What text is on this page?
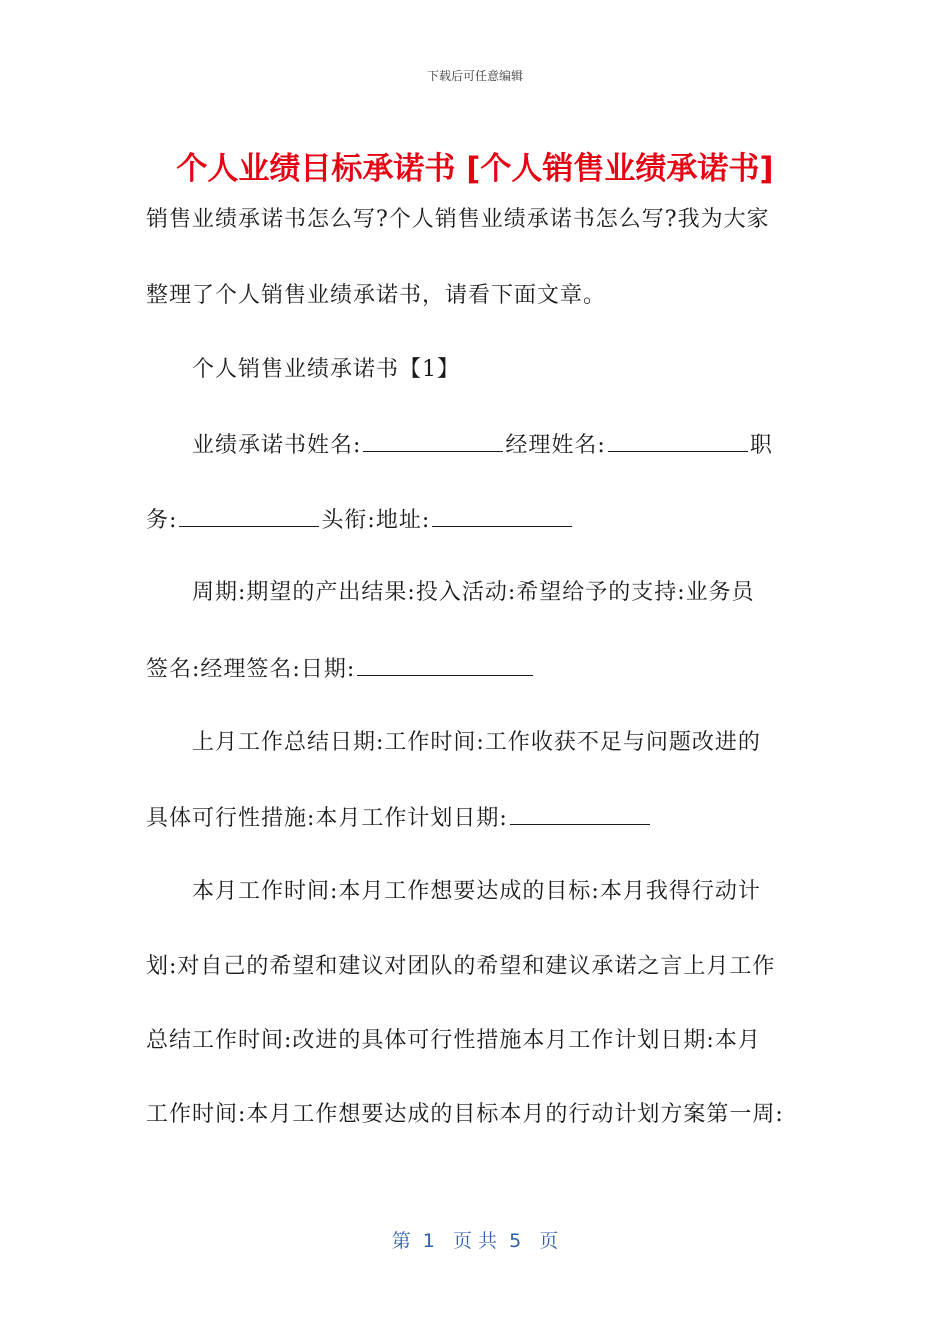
下载后可任意编辑
个人业绩目标承诺书 [个人销售业绩承诺书]
销售业绩承诺书怎么写?个人销售业绩承诺书怎么写?我为大家
整理了个人销售业绩承诺书，请看下面文章。
个人销售业绩承诺书【1】
业绩承诺书姓名:	经理姓名:	职
务:	头衔:地址:
周期:期望的产出结果:投入活动:希望给予的支持:业务员
签名:经理签名:日期:
上月工作总结日期:工作时间:工作收获不足与问题改进的
具体可行性措施:本月工作计划日期:
本月工作时间:本月工作想要达成的目标:本月我得行动计
划:对自己的希望和建议对团队的希望和建议承诺之言上月工作
总结工作时间:改进的具体可行性措施本月工作计划日期:本月
工作时间:本月工作想要达成的目标本月的行动计划方案第一周:
第  1   页 共  5   页
